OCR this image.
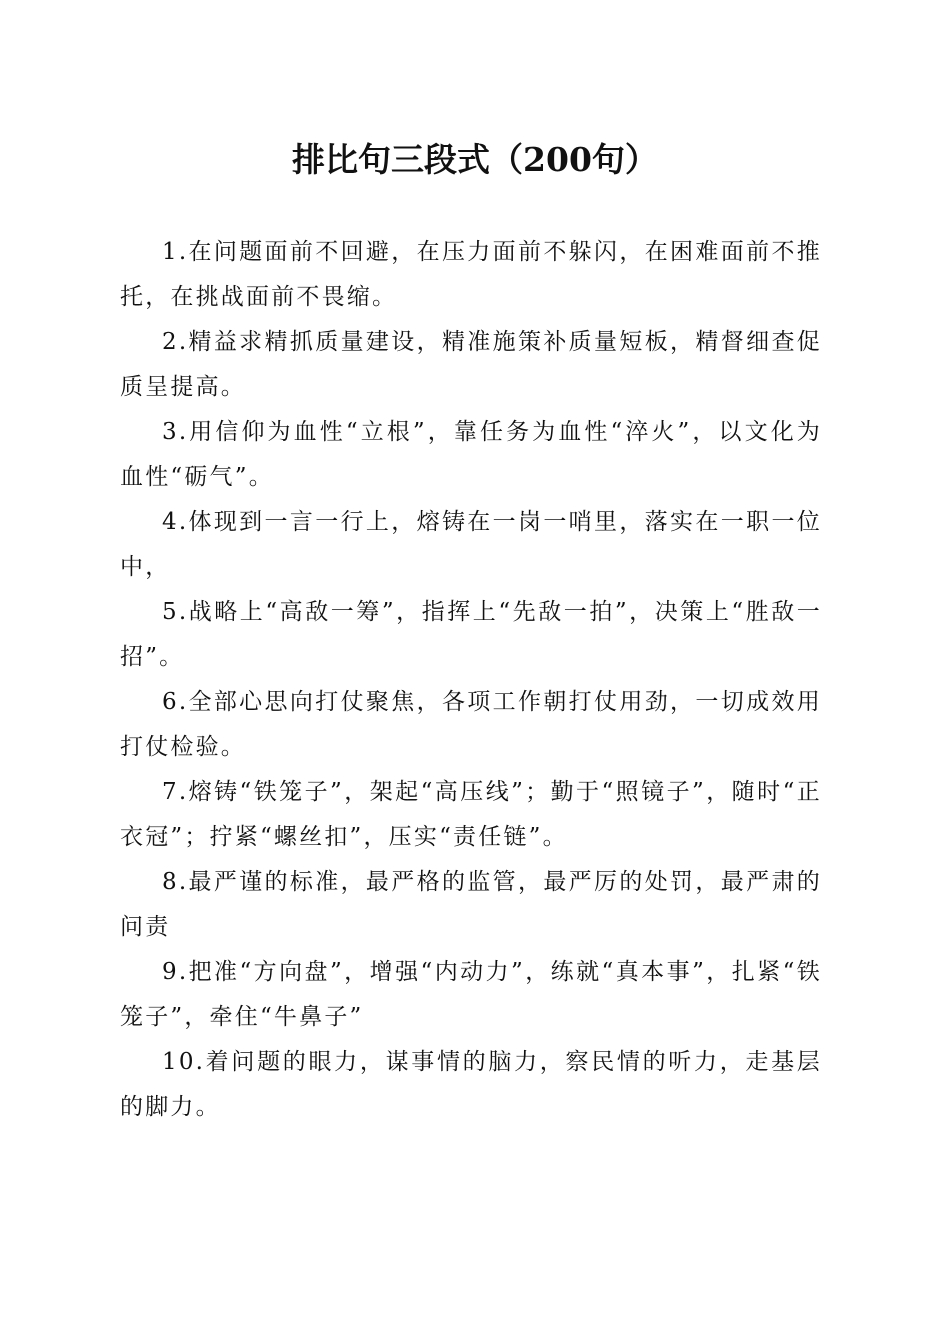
排比句三段式（200句）
1.在问题面前不回避，在压力面前不躲闪，在困难面前不推托，在挑战面前不畏缩。
2.精益求精抓质量建设，精准施策补质量短板，精督细查促质呈提高。
3.用信仰为血性“立根”，靠任务为血性“淬火”，以文化为血性“砺气”。
4.体现到一言一行上，熔铸在一岗一哨里，落实在一职一位中，
5.战略上“高敌一筹”，指挥上“先敌一拍”，决策上“胜敌一招”。
6.全部心思向打仗聚焦，各项工作朝打仗用劲，一切成效用打仗检验。
7.熔铸“铁笼子”，架起“高压线”；勤于“照镜子”，随时“正衣冠”；拧紧“螺丝扣”，压实“责任链”。
8.最严谨的标准，最严格的监管，最严厉的处罚，最严肃的问责
9.把准“方向盘”，增强“内动力”，练就“真本事”，扎紧“铁笼子”，牵住“牛鼻子”
10.着问题的眼力，谋事情的脑力，察民情的听力，走基层的脚力。
